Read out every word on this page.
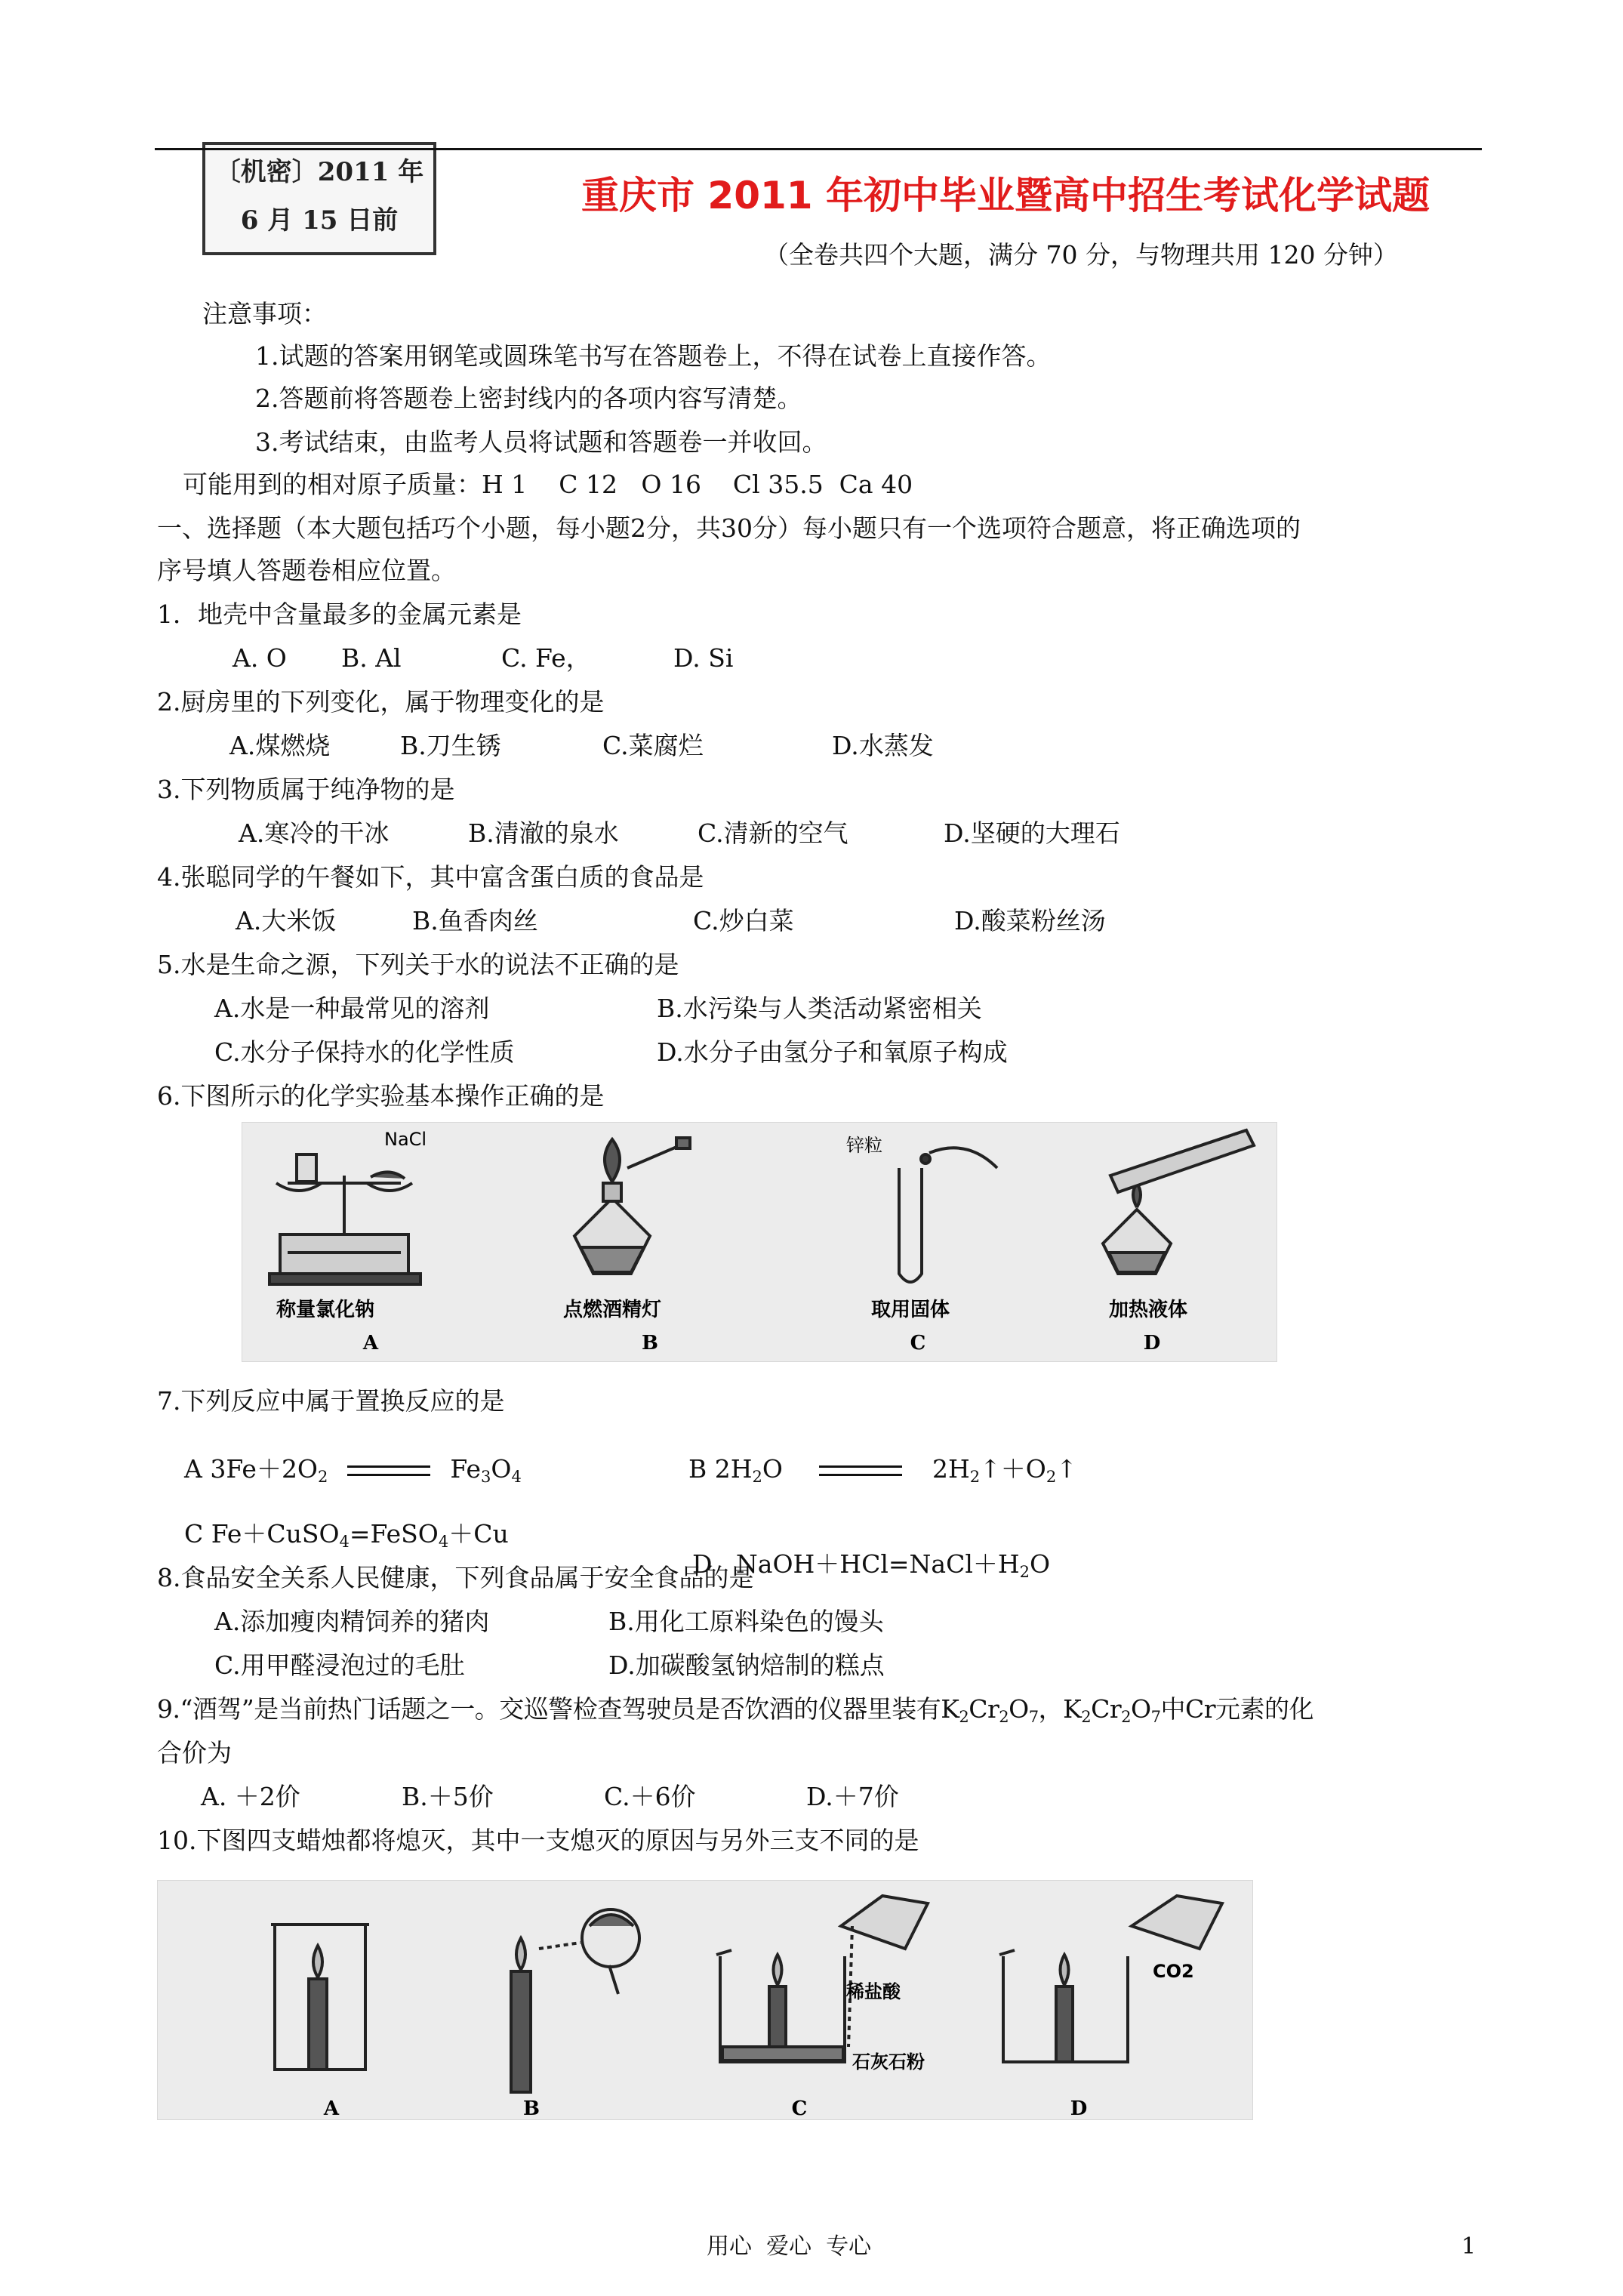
〔机密〕2011 年
6 月 15 日前
重庆市 2011 年初中毕业暨高中招生考试化学试题
（全卷共四个大题，满分 70 分，与物理共用 120 分钟）
注意事项：
1.试题的答案用钢笔或圆珠笔书写在答题卷上，不得在试卷上直接作答。
2.答题前将答题卷上密封线内的各项内容写清楚。
3.考试结束，由监考人员将试题和答题卷一并收回。
可能用到的相对原子质量：H 1    C 12   O 16    Cl 35.5  Ca 40
一、选择题（本大题包括巧个小题，每小题2分，共30分）每小题只有一个选项符合题意，将正确选项的
序号填人答题卷相应位置。
1．地壳中含量最多的金属元素是
A. O B. Al	C. Fe，	D. Si
2.厨房里的下列变化，属于物理变化的是
A.煤燃烧	B.刀生锈	C.菜腐烂	D.水蒸发
3.下列物质属于纯净物的是
A.寒冷的干冰	B.清澈的泉水	C.清新的空气	D.坚硬的大理石
4.张聪同学的午餐如下，其中富含蛋白质的食品是
A.大米饭	B.鱼香肉丝	C.炒白菜	D.酸菜粉丝汤
5.水是生命之源，下列关于水的说法不正确的是
A.水是一种最常见的溶剂	B.水污染与人类活动紧密相关
C.水分子保持水的化学性质	D.水分子由氢分子和氧原子构成
6.下图所示的化学实验基本操作正确的是
NaCl	锌粒
称量氯化钠	点燃酒精灯	取用固体	加热液体
A	B	C	D
7.下列反应中属于置换反应的是
A $3Fe+2O_2$	$Fe_3O_4$	B $2H_2O$	$2H_2↑+O_2↑$
C Fe＋CuSO$_4$=FeSO$_4$＋Cu

D   $NaOH+HCl=NaCl+H_2O$

8.食品安全关系人民健康，下列食品属于安全食品的是
A.添加瘦肉精饲养的猪肉	B.用化工原料染色的馒头
C.用甲醛浸泡过的毛肚	D.加碳酸氢钠焙制的糕点
9.“酒驾”是当前热门话题之一。交巡警检查驾驶员是否饮酒的仪器里装有$K_2Cr_2O_7$，$K_2Cr_2O_7$中Cr元素的化
合价为
A. ＋2价	B.＋5价	C.＋6价	D.＋7价
10.下图四支蜡烛都将熄灭，其中一支熄灭的原因与另外三支不同的是
A	B
稀盐酸
石灰石粉
C
CO2
D
用心  爱心  专心	1
